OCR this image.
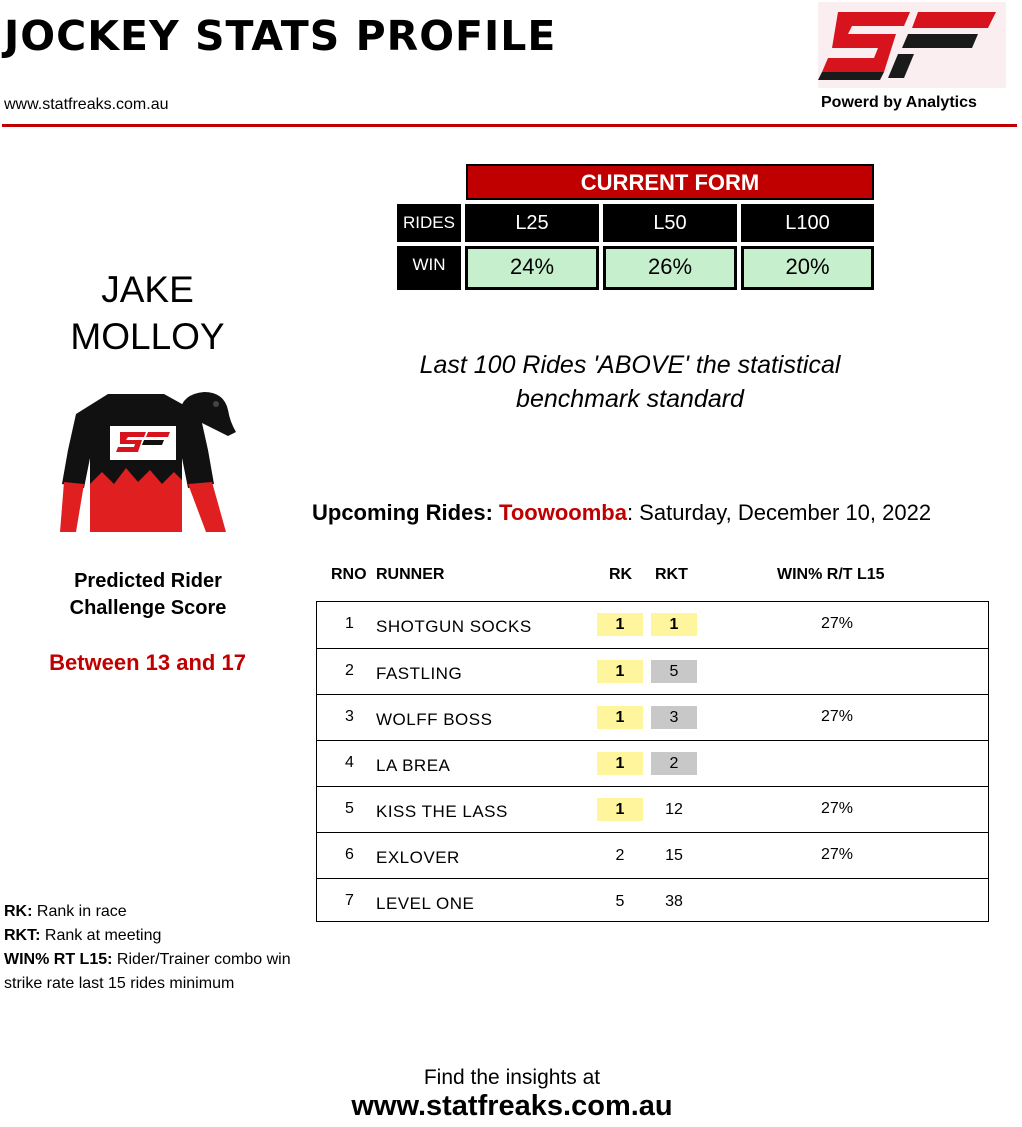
JOCKEY STATS PROFILE
www.statfreaks.com.au	Powerd by Analytics
JAKE
MOLLOY
Predicted Rider
Challenge Score
Between 13 and 17
CURRENT FORM
RIDES	L25	L50	L100
WIN	24%	26%	20%
Last 100 Rides 'ABOVE' the statistical
benchmark standard
Upcoming Rides: Toowoomba: Saturday, December 10, 2022
RNO RUNNER	RK RKT	WIN% R/T L15
1 SHOTGUN SOCKS	1	1	27%
2 FASTLING	1	5
3 WOLFF BOSS	1	3	27%
4 LA BREA	1	2
5 KISS THE LASS	1	12	27%
6 EXLOVER	2	15	27%
7 LEVEL ONE	5	38
RK: Rank in race
RKT: Rank at meeting
WIN% RT L15: Rider/Trainer combo win strike rate last 15 rides minimum
Find the insights at
www.statfreaks.com.au
